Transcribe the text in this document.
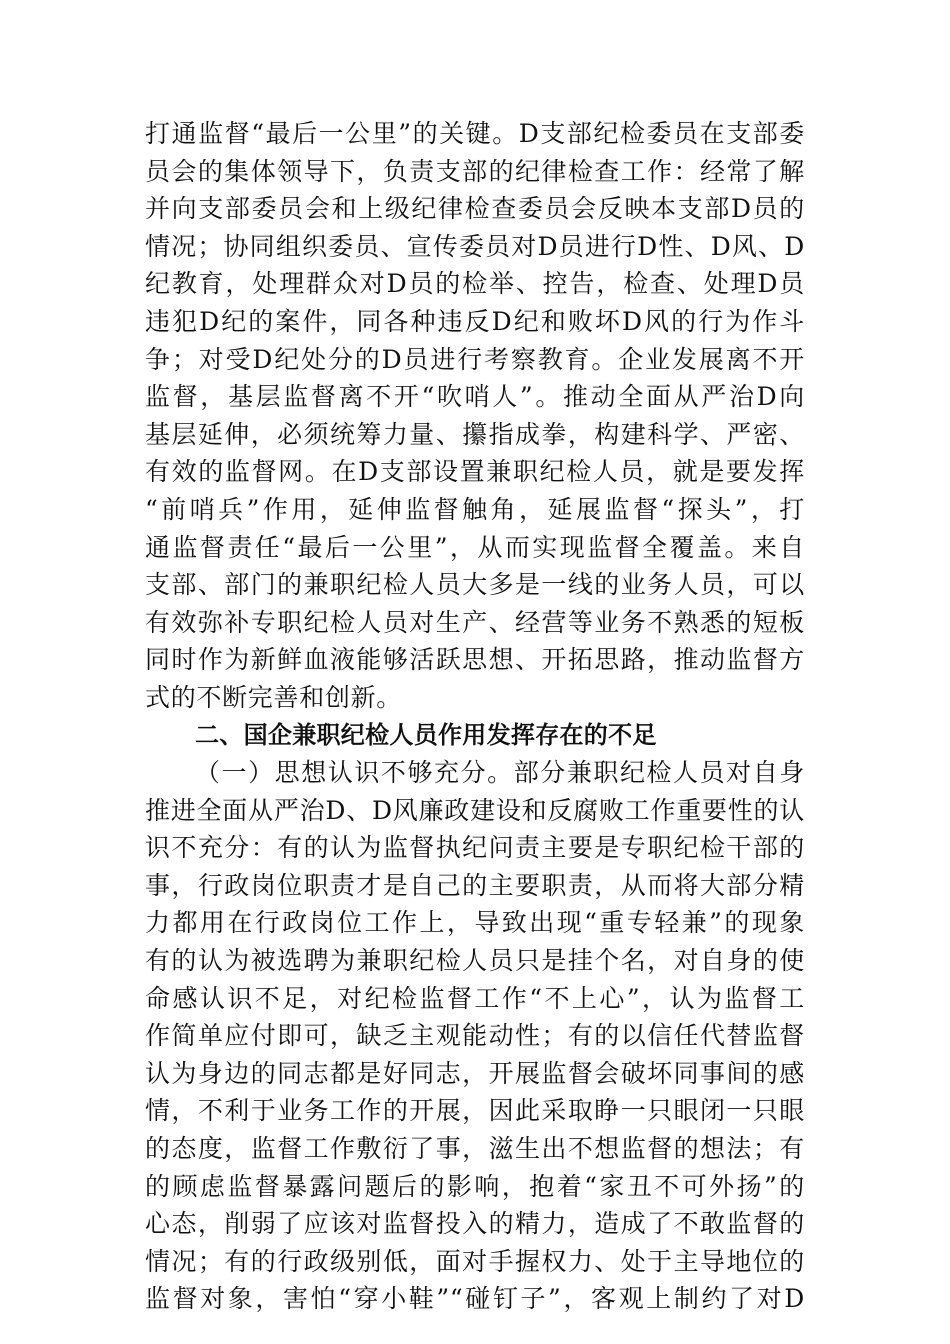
打通监督“最后一公里”的关键。D支部纪检委员在支部委
员会的集体领导下，负责支部的纪律检查工作：经常了解
并向支部委员会和上级纪律检查委员会反映本支部D员的
情况；协同组织委员、宣传委员对D员进行D性、D风、D
纪教育，处理群众对D员的检举、控告，检查、处理D员
违犯D纪的案件，同各种违反D纪和败坏D风的行为作斗
争；对受D纪处分的D员进行考察教育。企业发展离不开
监督，基层监督离不开“吹哨人”。推动全面从严治D向
基层延伸，必须统筹力量、攥指成拳，构建科学、严密、
有效的监督网。在D支部设置兼职纪检人员，就是要发挥
“前哨兵”作用，延伸监督触角，延展监督“探头”，打
通监督责任“最后一公里”，从而实现监督全覆盖。来自
支部、部门的兼职纪检人员大多是一线的业务人员，可以
有效弥补专职纪检人员对生产、经营等业务不熟悉的短板
同时作为新鲜血液能够活跃思想、开拓思路，推动监督方
式的不断完善和创新。
二、国企兼职纪检人员作用发挥存在的不足
（一）思想认识不够充分。部分兼职纪检人员对自身
推进全面从严治D、D风廉政建设和反腐败工作重要性的认
识不充分：有的认为监督执纪问责主要是专职纪检干部的
事，行政岗位职责才是自己的主要职责，从而将大部分精
力都用在行政岗位工作上，导致出现“重专轻兼”的现象
有的认为被选聘为兼职纪检人员只是挂个名，对自身的使
命感认识不足，对纪检监督工作“不上心”，认为监督工
作简单应付即可，缺乏主观能动性；有的以信任代替监督
认为身边的同志都是好同志，开展监督会破坏同事间的感
情，不利于业务工作的开展，因此采取睁一只眼闭一只眼
的态度，监督工作敷衍了事，滋生出不想监督的想法；有
的顾虑监督暴露问题后的影响，抱着“家丑不可外扬”的
心态，削弱了应该对监督投入的精力，造成了不敢监督的
情况；有的行政级别低，面对手握权力、处于主导地位的
监督对象，害怕“穿小鞋”“碰钉子”，客观上制约了对D
